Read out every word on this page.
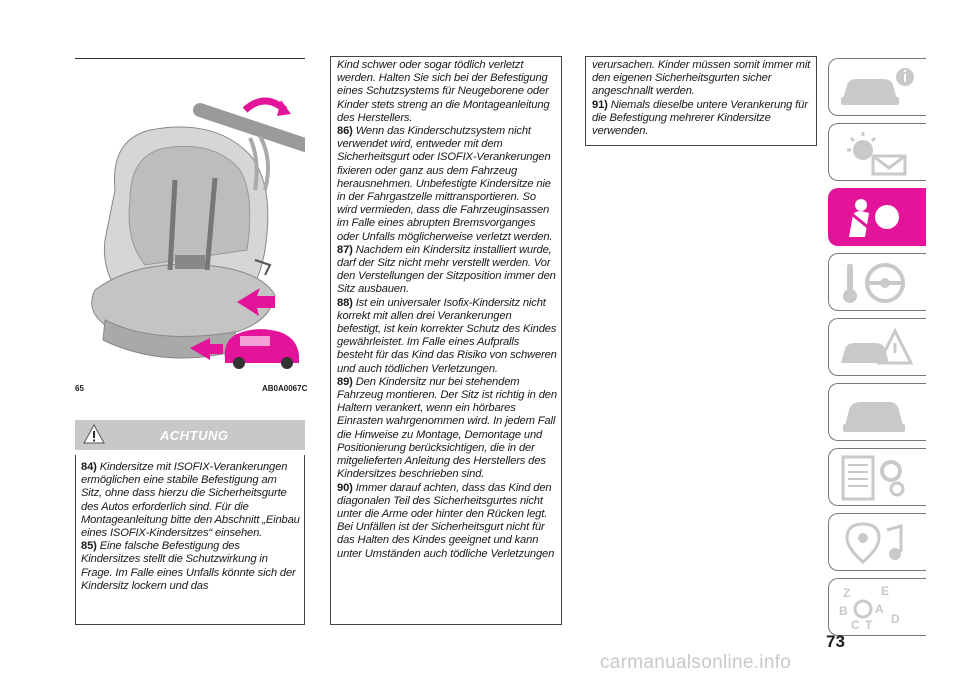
65	AB0A0067C
ACHTUNG

84) Kindersitze mit ISOFIX-Verankerungen ermöglichen eine stabile Befestigung am Sitz, ohne dass hierzu die Sicherheitsgurte des Autos erforderlich sind. Für die Montageanleitung bitte den Abschnitt „Einbau eines ISOFIX-Kindersitzes“ einsehen.

85) Eine falsche Befestigung des Kindersitzes stellt die Schutzwirkung in Frage. Im Falle eines Unfalls könnte sich der Kindersitz lockern und das

Kind schwer oder sogar tödlich verletzt werden. Halten Sie sich bei der Befestigung eines Schutzsystems für Neugeborene oder Kinder stets streng an die Montageanleitung des Herstellers.

86) Wenn das Kinderschutzsystem nicht verwendet wird, entweder mit dem Sicherheitsgurt oder ISOFIX-Verankerungen fixieren oder ganz aus dem Fahrzeug herausnehmen. Unbefestigte Kindersitze nie in der Fahrgastzelle mittransportieren. So wird vermieden, dass die Fahrzeuginsassen im Falle eines abrupten Bremsvorganges oder Unfalls möglicherweise verletzt werden.

87) Nachdem ein Kindersitz installiert wurde, darf der Sitz nicht mehr verstellt werden. Vor den Verstellungen der Sitzposition immer den Sitz ausbauen.

88) Ist ein universaler Isofix-Kindersitz nicht korrekt mit allen drei Verankerungen befestigt, ist kein korrekter Schutz des Kindes gewährleistet. Im Falle eines Aufpralls besteht für das Kind das Risiko von schweren und auch tödlichen Verletzungen.

89) Den Kindersitz nur bei stehendem Fahrzeug montieren. Der Sitz ist richtig in den Haltern verankert, wenn ein hörbares Einrasten wahrgenommen wird. In jedem Fall die Hinweise zu Montage, Demontage und Positionierung berücksichtigen, die in der mitgelieferten Anleitung des Herstellers des Kindersitzes beschrieben sind.

90) Immer darauf achten, dass das Kind den diagonalen Teil des Sicherheitsgurtes nicht unter die Arme oder hinter den Rücken legt. Bei Unfällen ist der Sicherheitsgurt nicht für das Halten des Kindes geeignet und kann unter Umständen auch tödliche Verletzungen

verursachen. Kinder müssen somit immer mit den eigenen Sicherheitsgurten sicher angeschnallt werden.

91) Niemals dieselbe untere Verankerung für die Befestigung mehrerer Kindersitze verwenden.

Z	E
B A
C T D
73
carmanualsonline.info
